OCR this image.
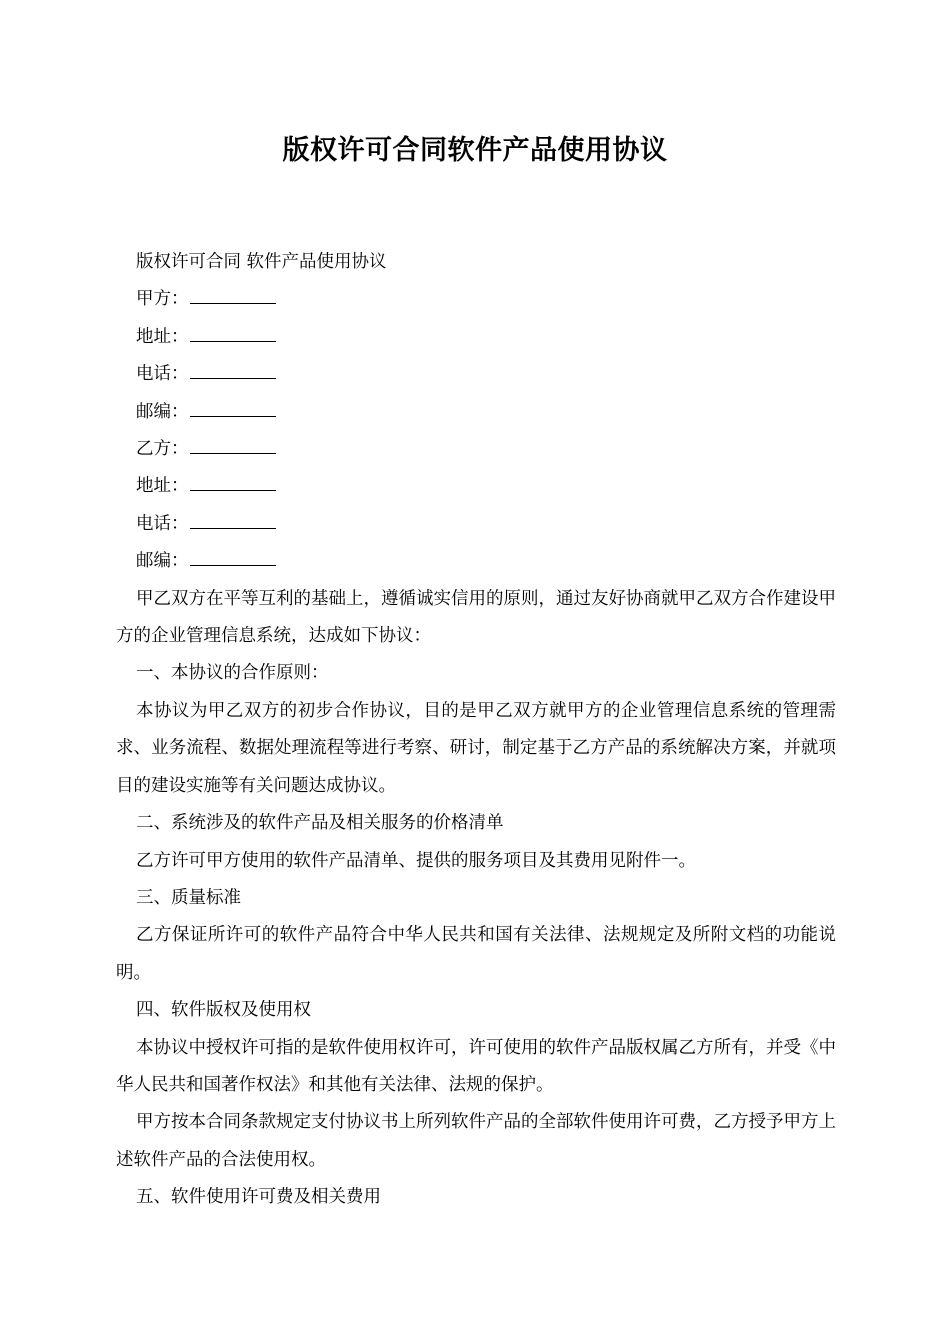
版权许可合同软件产品使用协议

版权许可合同 软件产品使用协议

甲方：
地址：
电话：
邮编：
乙方：
地址：
电话：
邮编：

甲乙双方在平等互利的基础上，遵循诚实信用的原则，通过友好协商就甲乙双方合作建设甲方的企业管理信息系统，达成如下协议：

一、本协议的合作原则：

本协议为甲乙双方的初步合作协议，目的是甲乙双方就甲方的企业管理信息系统的管理需求、业务流程、数据处理流程等进行考察、研讨，制定基于乙方产品的系统解决方案，并就项目的建设实施等有关问题达成协议。

二、系统涉及的软件产品及相关服务的价格清单

乙方许可甲方使用的软件产品清单、提供的服务项目及其费用见附件一。

三、质量标准

乙方保证所许可的软件产品符合中华人民共和国有关法律、法规规定及所附文档的功能说明。

四、软件版权及使用权

本协议中授权许可指的是软件使用权许可，许可使用的软件产品版权属乙方所有，并受《中华人民共和国著作权法》和其他有关法律、法规的保护。

甲方按本合同条款规定支付协议书上所列软件产品的全部软件使用许可费，乙方授予甲方上述软件产品的合法使用权。

五、软件使用许可费及相关费用
